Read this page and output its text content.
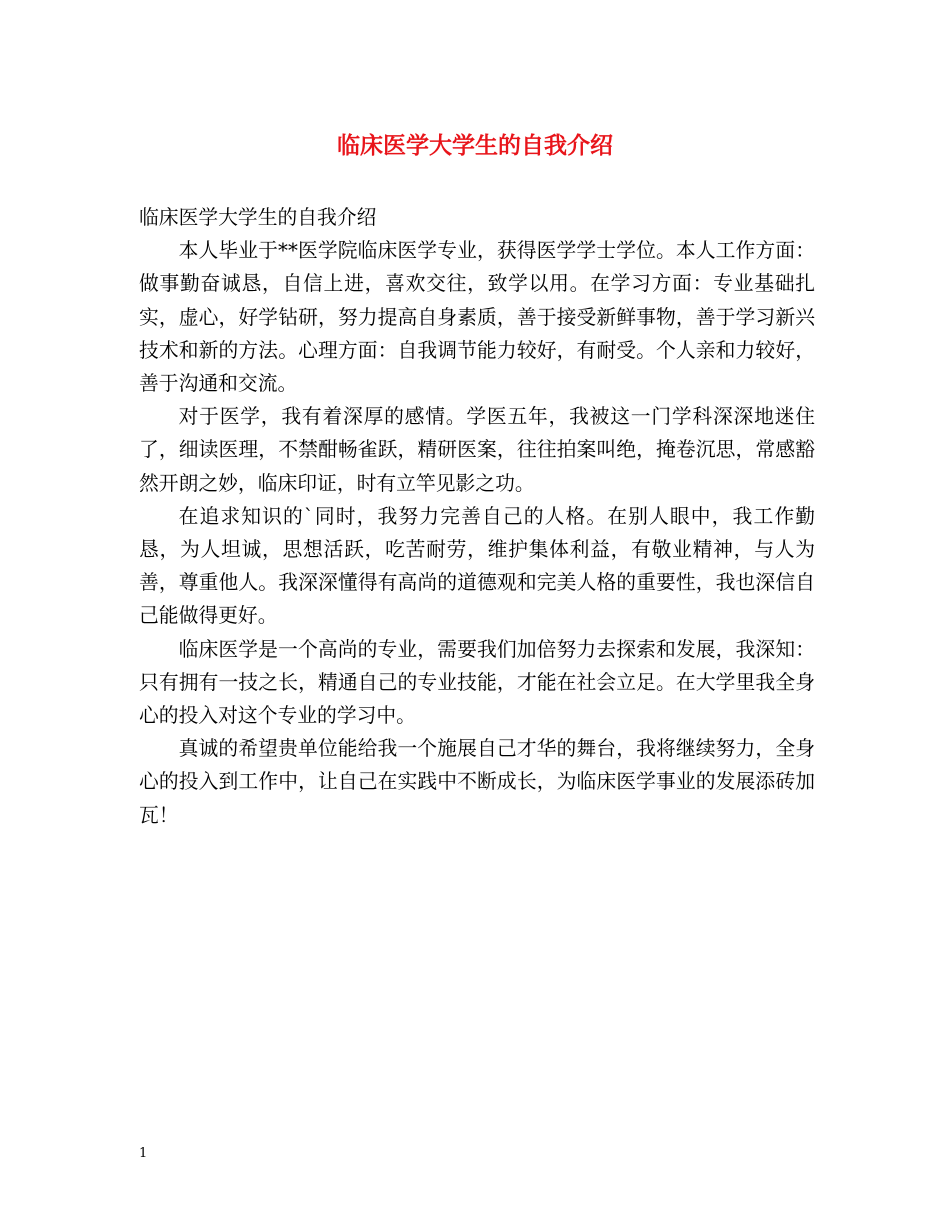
临床医学大学生的自我介绍

临床医学大学生的自我介绍

本人毕业于**医学院临床医学专业，获得医学学士学位。本人工作方面：做事勤奋诚恳，自信上进，喜欢交往，致学以用。在学习方面：专业基础扎实，虚心，好学钻研，努力提高自身素质，善于接受新鲜事物，善于学习新兴技术和新的方法。心理方面：自我调节能力较好，有耐受。个人亲和力较好，善于沟通和交流。

对于医学，我有着深厚的感情。学医五年，我被这一门学科深深地迷住了，细读医理，不禁酣畅雀跃，精研医案，往往拍案叫绝，掩卷沉思，常感豁然开朗之妙，临床印证，时有立竿见影之功。

在追求知识的`同时，我努力完善自己的人格。在别人眼中，我工作勤恳，为人坦诚，思想活跃，吃苦耐劳，维护集体利益，有敬业精神，与人为善，尊重他人。我深深懂得有高尚的道德观和完美人格的重要性，我也深信自己能做得更好。

临床医学是一个高尚的专业，需要我们加倍努力去探索和发展，我深知：只有拥有一技之长，精通自己的专业技能，才能在社会立足。在大学里我全身心的投入对这个专业的学习中。

真诚的希望贵单位能给我一个施展自己才华的舞台，我将继续努力，全身心的投入到工作中，让自己在实践中不断成长，为临床医学事业的发展添砖加瓦！

1
